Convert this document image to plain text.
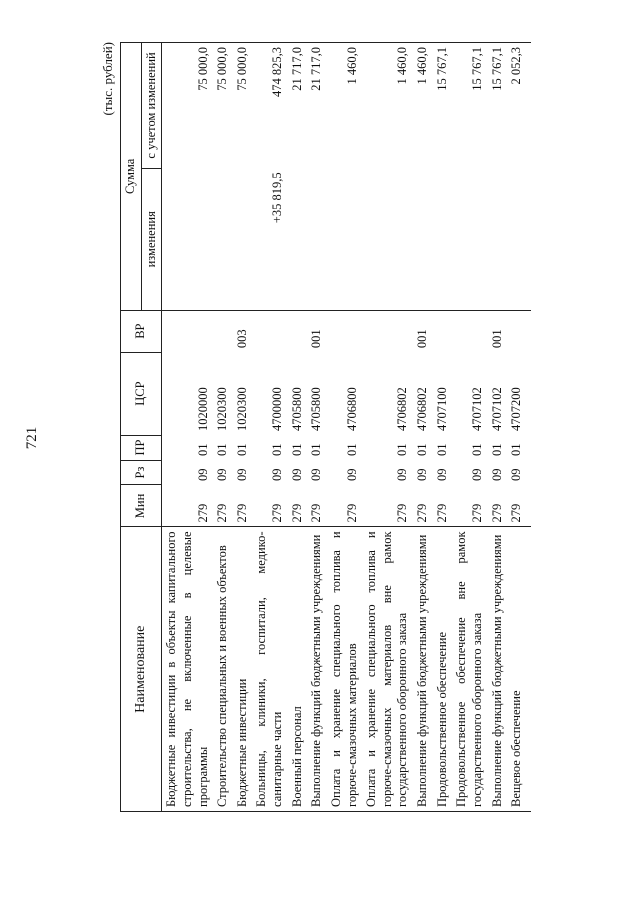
721
(тыс. рублей)
Наименование	Мин	Рз	ПР	ЦСР	ВР	Сумма	
						изменения	с учетом изменений
Бюджетные инвестиции в объекты капитального строительства, не включенные в целевые программы	279	09	01	1020000			75 000,0
Строительство специальных и военных объектов	279	09	01	1020300			75 000,0
Бюджетные инвестиции	279	09	01	1020300	003		75 000,0
Больницы, клиники, госпитали, медико-санитарные части	279	09	01	4700000		+35 819,5	474 825,3
Военный персонал	279	09	01	4705800			21 717,0
Выполнение функций бюджетными учреждениями	279	09	01	4705800	001		21 717,0
Оплата и хранение специального топлива и горюче-смазочных материалов	279	09	01	4706800			1 460,0
Оплата и хранение специального топлива и горюче-смазочных материалов вне рамок государственного оборонного заказа	279	09	01	4706802			1 460,0
Выполнение функций бюджетными учреждениями	279	09	01	4706802	001		1 460,0
Продовольственное обеспечение	279	09	01	4707100			15 767,1
Продовольственное обеспечение вне рамок государственного оборонного заказа	279	09	01	4707102			15 767,1
Выполнение функций бюджетными учреждениями	279	09	01	4707102	001		15 767,1
Вещевое обеспечение	279	09	01	4707200			2 052,3
